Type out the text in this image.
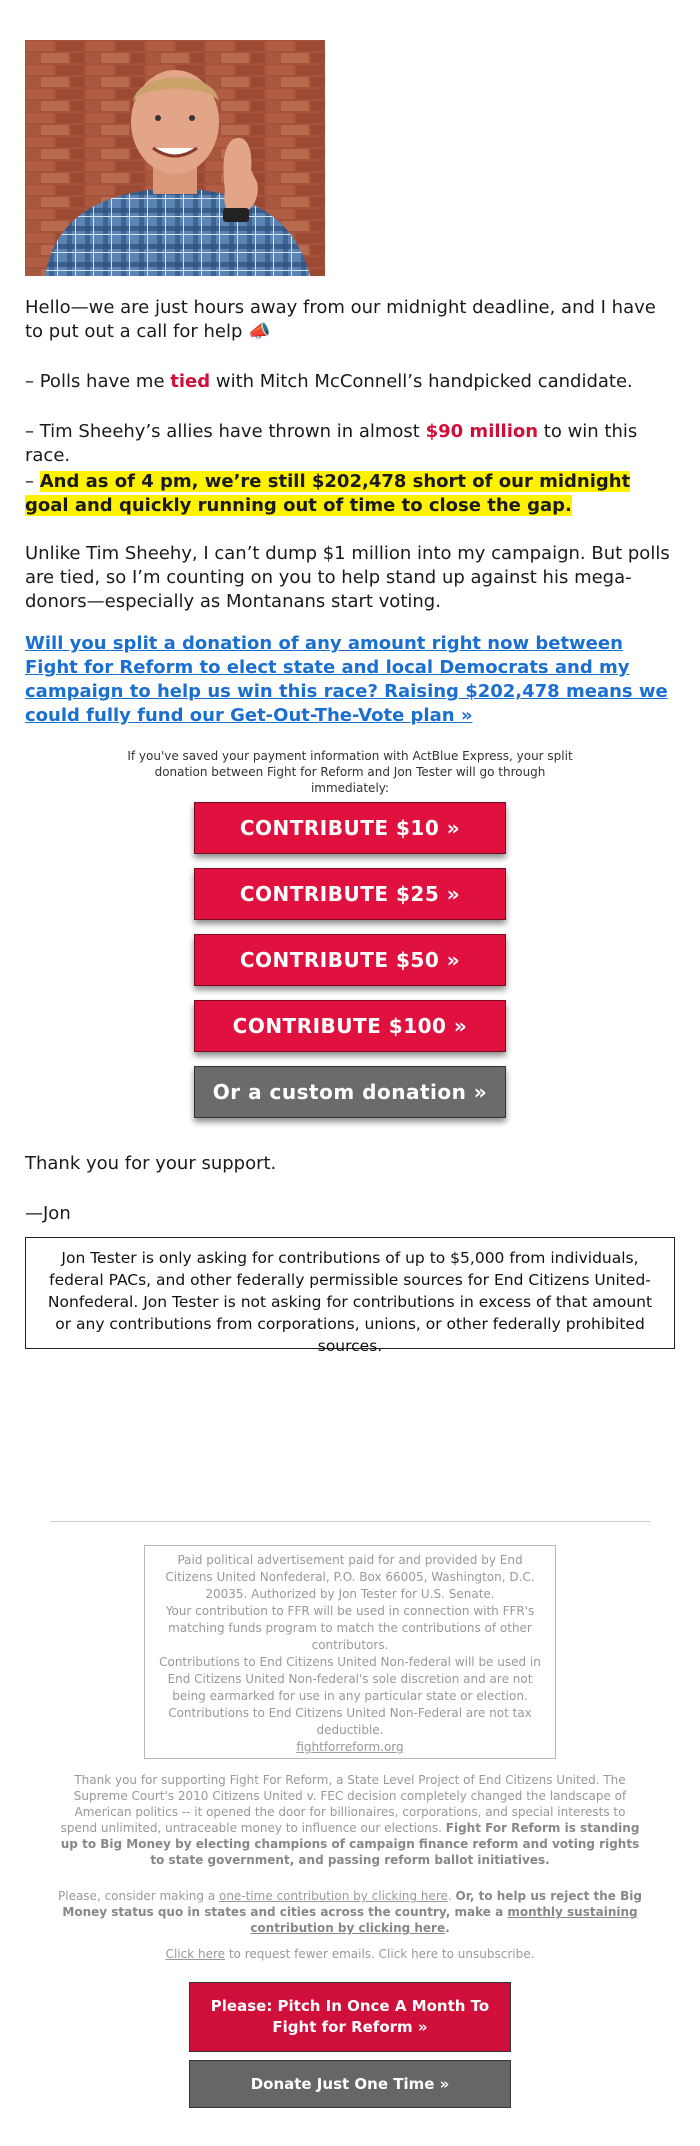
Hello—we are just hours away from our midnight deadline, and I have to put out a call for help 📣
– Polls have me tied with Mitch McConnell’s handpicked candidate.
– Tim Sheehy’s allies have thrown in almost $90 million to win this race.
– And as of 4 pm, we’re still $202,478 short of our midnight goal and quickly running out of time to close the gap.
Unlike Tim Sheehy, I can’t dump $1 million into my campaign. But polls are tied, so I’m counting on you to help stand up against his mega-donors—especially as Montanans start voting.
Will you split a donation of any amount right now between Fight for Reform to elect state and local Democrats and my campaign to help us win this race? Raising $202,478 means we could fully fund our Get-Out-The-Vote plan »
If you've saved your payment information with ActBlue Express, your split donation between Fight for Reform and Jon Tester will go through immediately:
CONTRIBUTE $10 »
CONTRIBUTE $25 »
CONTRIBUTE $50 »
CONTRIBUTE $100 »
Or a custom donation »
Thank you for your support.
—Jon
Jon Tester is only asking for contributions of up to $5,000 from individuals, federal PACs, and other federally permissible sources for End Citizens United-Nonfederal. Jon Tester is not asking for contributions in excess of that amount or any contributions from corporations, unions, or other federally prohibited sources.
Paid political advertisement paid for and provided by End Citizens United Nonfederal, P.O. Box 66005, Washington, D.C. 20035. Authorized by Jon Tester for U.S. Senate.
Your contribution to FFR will be used in connection with FFR's matching funds program to match the contributions of other contributors.
Contributions to End Citizens United Non-federal will be used in End Citizens United Non-federal's sole discretion and are not being earmarked for use in any particular state or election.
Contributions to End Citizens United Non-Federal are not tax deductible.
fightforreform.org
Thank you for supporting Fight For Reform, a State Level Project of End Citizens United. The Supreme Court's 2010 Citizens United v. FEC decision completely changed the landscape of American politics -- it opened the door for billionaires, corporations, and special interests to spend unlimited, untraceable money to influence our elections. Fight For Reform is standing up to Big Money by electing champions of campaign finance reform and voting rights to state government, and passing reform ballot initiatives.
Please, consider making a one-time contribution by clicking here. Or, to help us reject the Big Money status quo in states and cities across the country, make a monthly sustaining contribution by clicking here.
Click here to request fewer emails. Click here to unsubscribe.
Please: Pitch In Once A Month To Fight for Reform »
Donate Just One Time »
